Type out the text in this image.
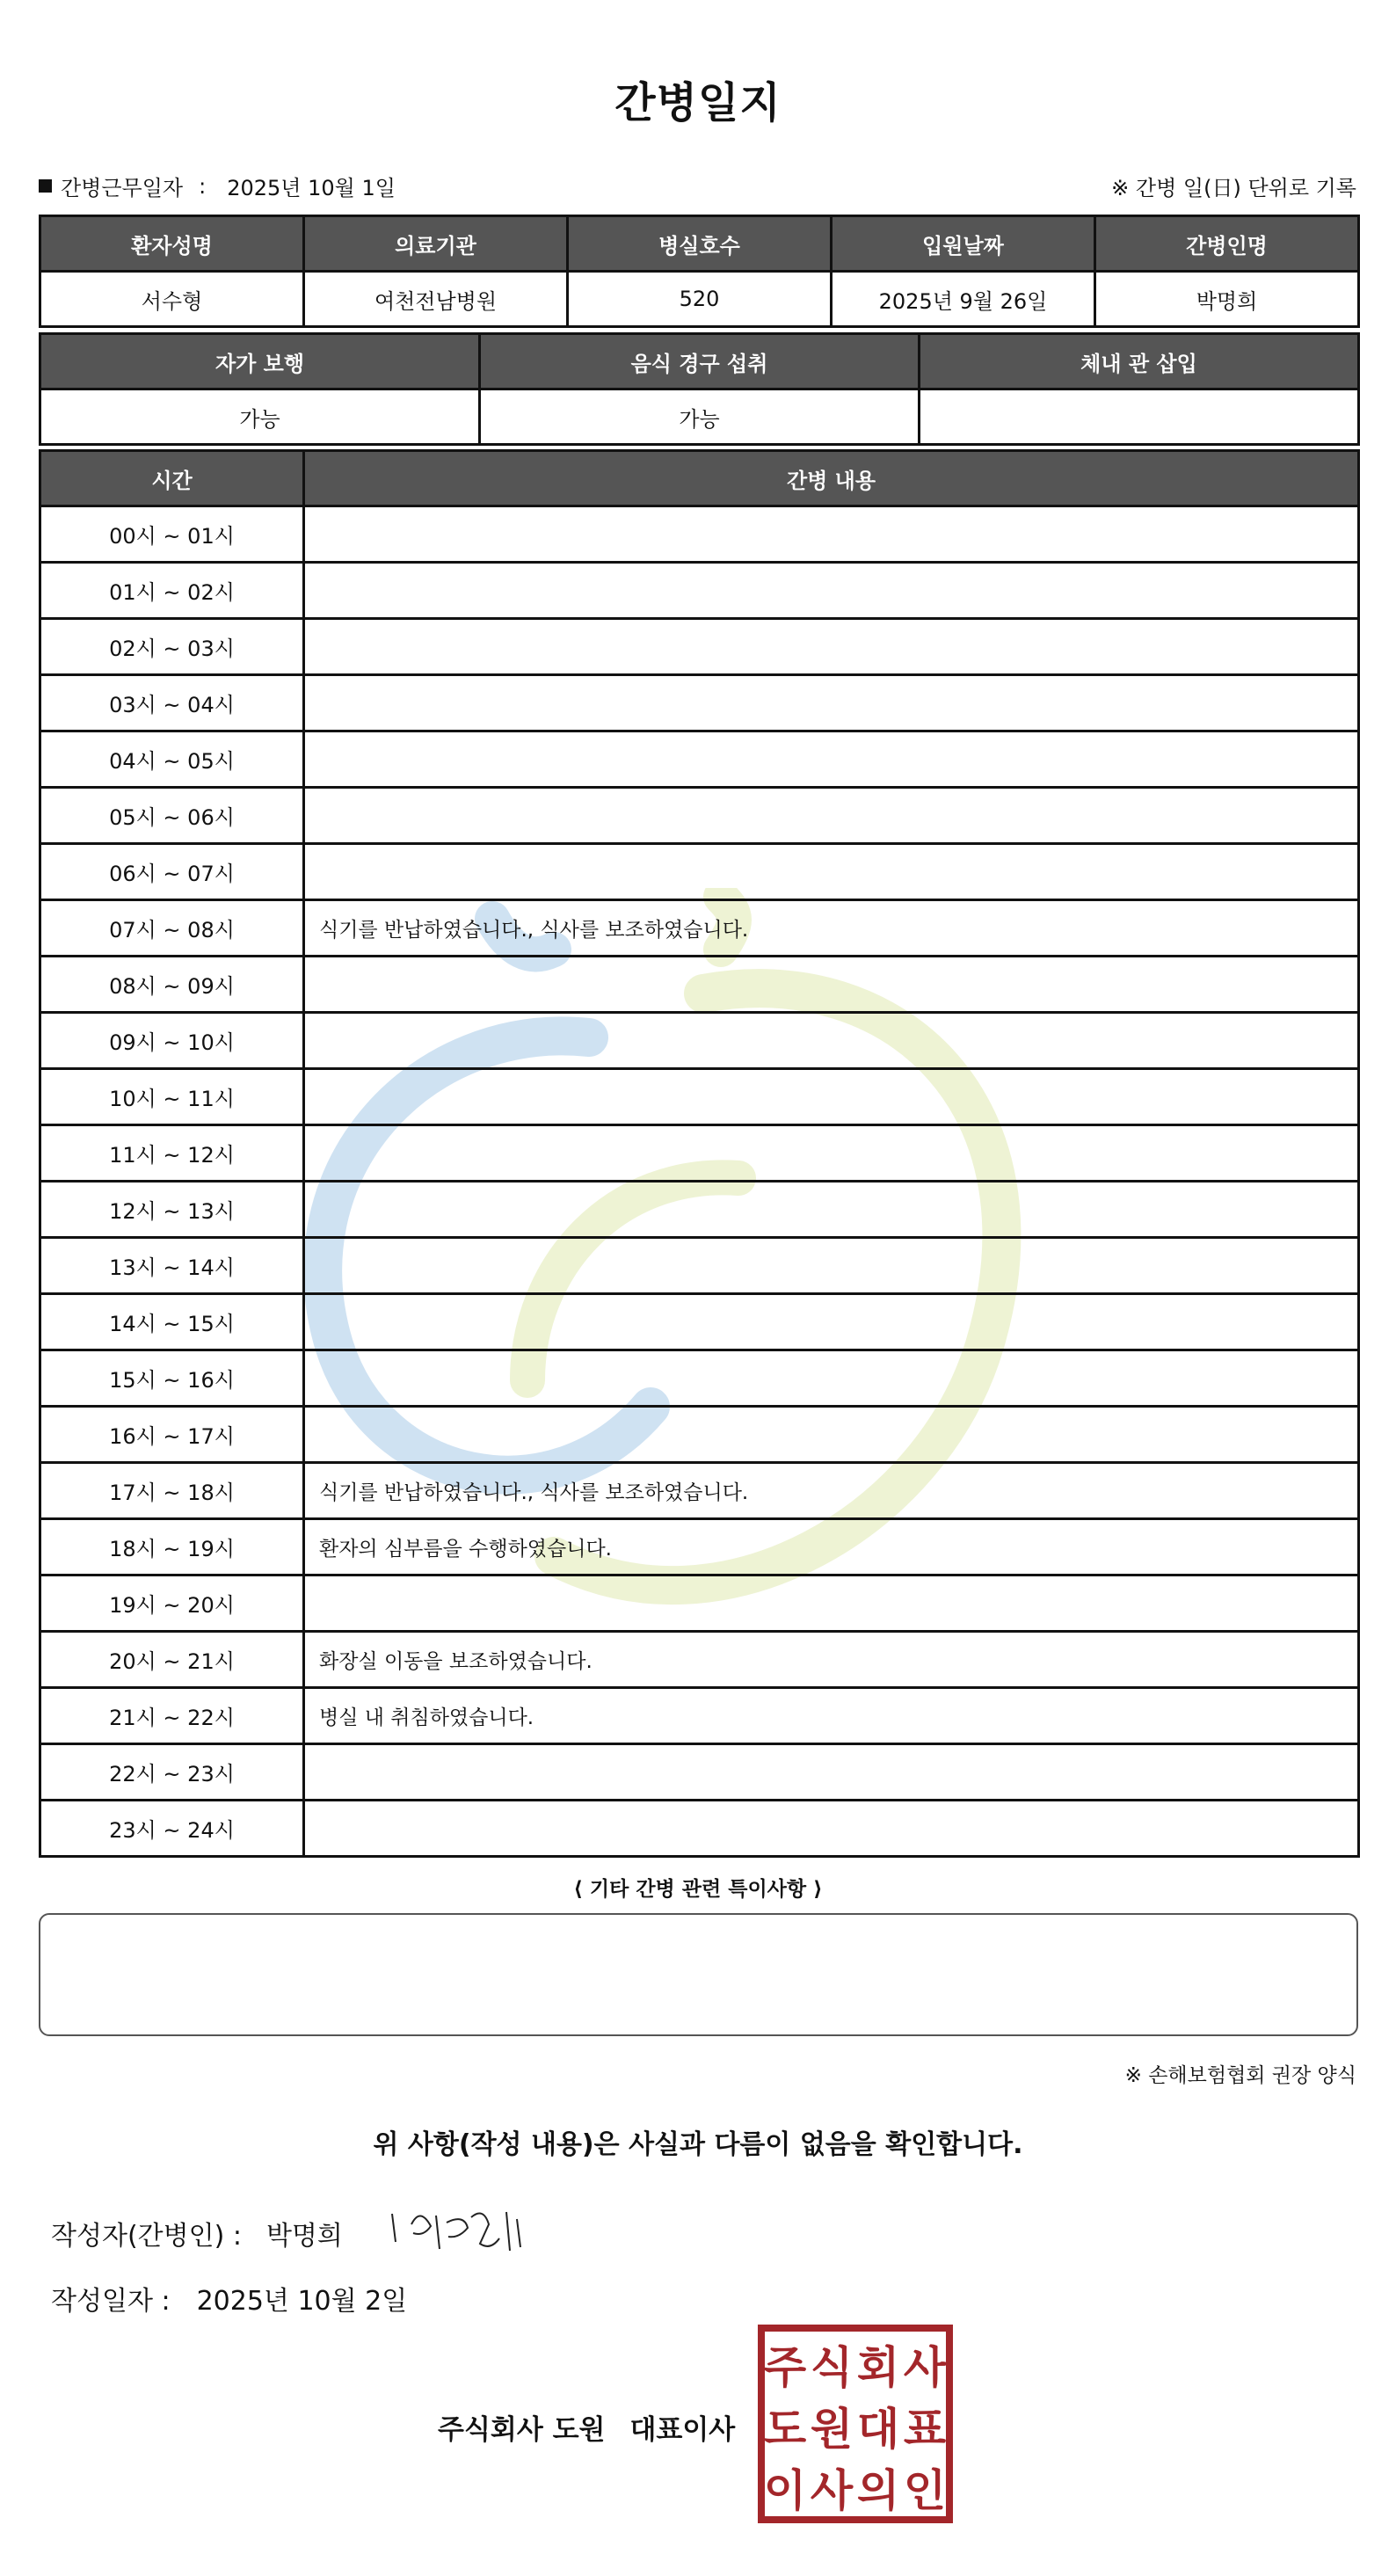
간병일지
간병근무일자 : 2025년 10월 1일	※ 간병 일(日) 단위로 기록
환자성명	의료기관	병실호수	입원날짜	간병인명
서수형	여천전남병원	520	2025년 9월 26일	박명희
자가 보행	음식 경구 섭취	체내 관 삽입
가능	가능	
시간	간병 내용
00시 ~ 01시	
01시 ~ 02시	
02시 ~ 03시	
03시 ~ 04시	
04시 ~ 05시	
05시 ~ 06시	
06시 ~ 07시	
07시 ~ 08시	식기를 반납하였습니다., 식사를 보조하였습니다.
08시 ~ 09시	
09시 ~ 10시	
10시 ~ 11시	
11시 ~ 12시	
12시 ~ 13시	
13시 ~ 14시	
14시 ~ 15시	
15시 ~ 16시	
16시 ~ 17시	
17시 ~ 18시	식기를 반납하였습니다., 식사를 보조하였습니다.
18시 ~ 19시	환자의 심부름을 수행하였습니다.
19시 ~ 20시	
20시 ~ 21시	화장실 이동을 보조하였습니다.
21시 ~ 22시	병실 내 취침하였습니다.
22시 ~ 23시	
23시 ~ 24시	
⟨ 기타 간병 관련 특이사항 ⟩
※ 손해보험협회 권장 양식
위 사항(작성 내용)은 사실과 다름이 없음을 확인합니다.
작성자(간병인) : 박명희
작성일자 : 2025년 10월 2일
주식회사 도원 대표이사
주 식 회 사
도 원 대 표
이 사 의 인
